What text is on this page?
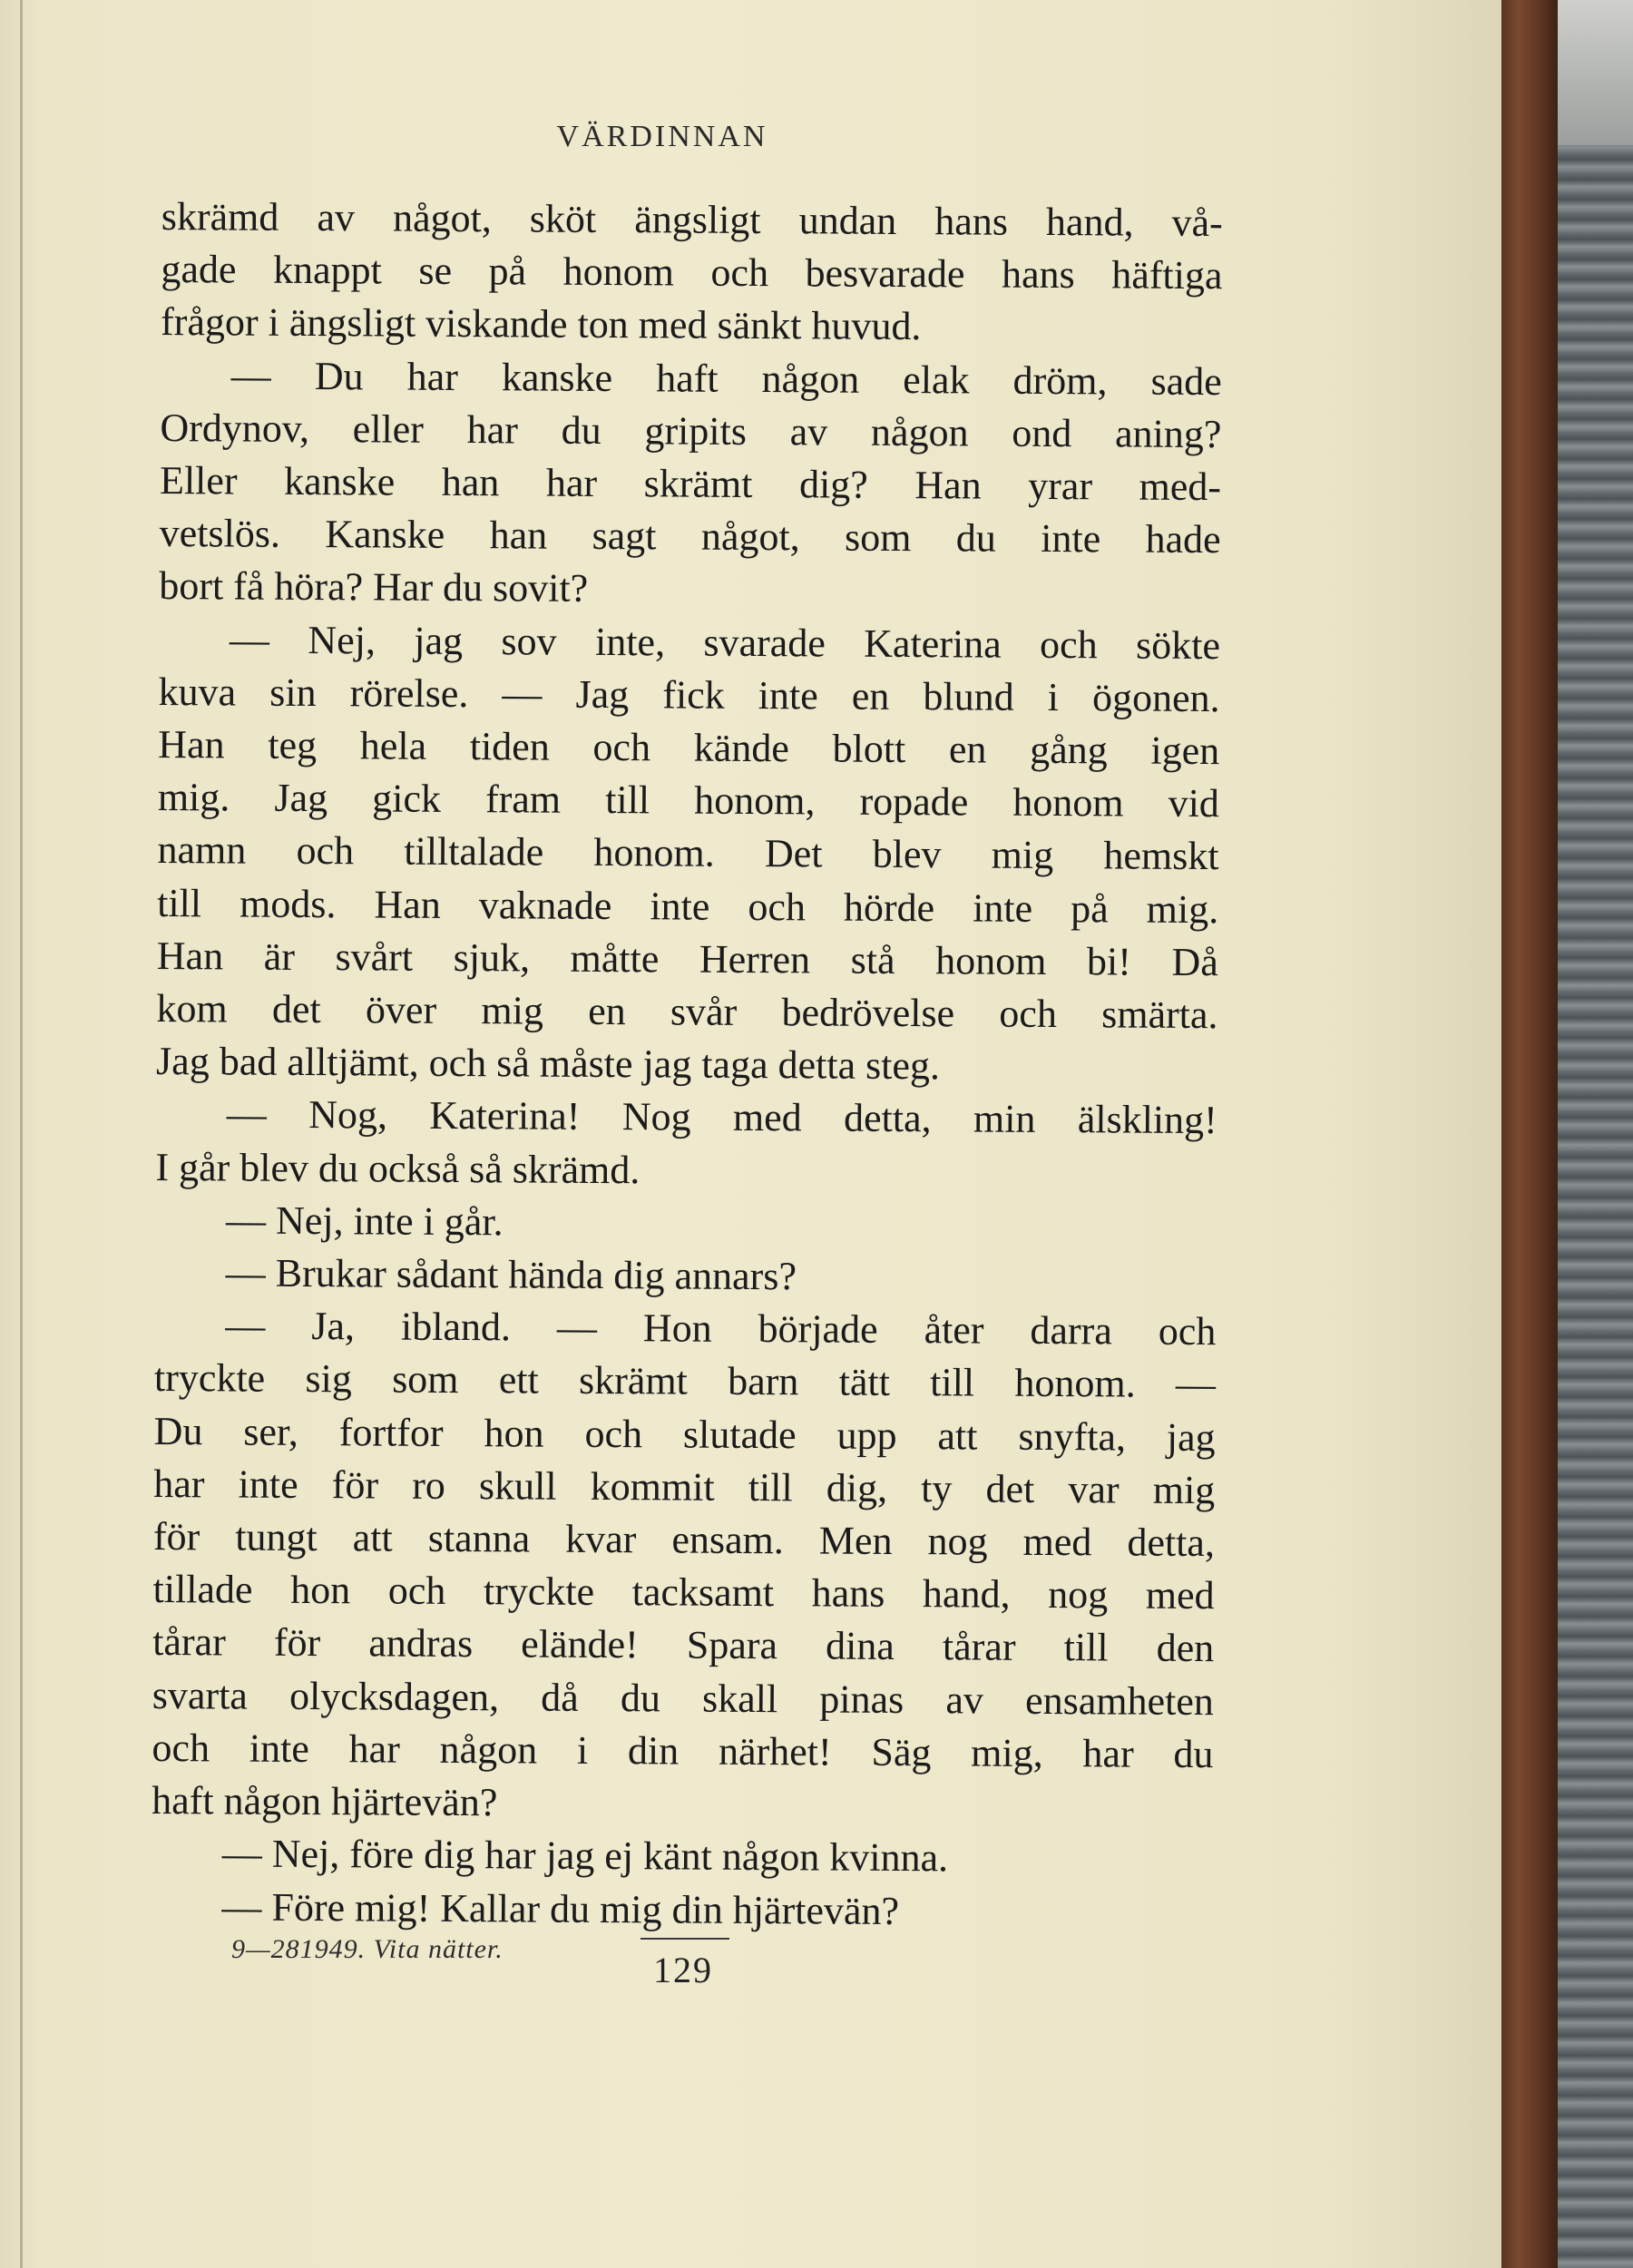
VÄRDINNAN
skrämd av något, sköt ängsligt undan hans hand, vå-
gade knappt se på honom och besvarade hans häftiga
frågor i ängsligt viskande ton med sänkt huvud.
— Du har kanske haft någon elak dröm, sade
Ordynov, eller har du gripits av någon ond aning?
Eller kanske han har skrämt dig? Han yrar med-
vetslös. Kanske han sagt något, som du inte hade
bort få höra? Har du sovit?
— Nej, jag sov inte, svarade Katerina och sökte
kuva sin rörelse. — Jag fick inte en blund i ögonen.
Han teg hela tiden och kände blott en gång igen
mig. Jag gick fram till honom, ropade honom vid
namn och tilltalade honom. Det blev mig hemskt
till mods. Han vaknade inte och hörde inte på mig.
Han är svårt sjuk, måtte Herren stå honom bi! Då
kom det över mig en svår bedrövelse och smärta.
Jag bad alltjämt, och så måste jag taga detta steg.
— Nog, Katerina! Nog med detta, min älskling!
I går blev du också så skrämd.
— Nej, inte i går.
— Brukar sådant hända dig annars?
— Ja, ibland. — Hon började åter darra och
tryckte sig som ett skrämt barn tätt till honom. —
Du ser, fortfor hon och slutade upp att snyfta, jag
har inte för ro skull kommit till dig, ty det var mig
för tungt att stanna kvar ensam. Men nog med detta,
tillade hon och tryckte tacksamt hans hand, nog med
tårar för andras elände! Spara dina tårar till den
svarta olycksdagen, då du skall pinas av ensamheten
och inte har någon i din närhet! Säg mig, har du
haft någon hjärtevän?
— Nej, före dig har jag ej känt någon kvinna.
— Före mig! Kallar du mig din hjärtevän?
9—281949. Vita nätter.
129
